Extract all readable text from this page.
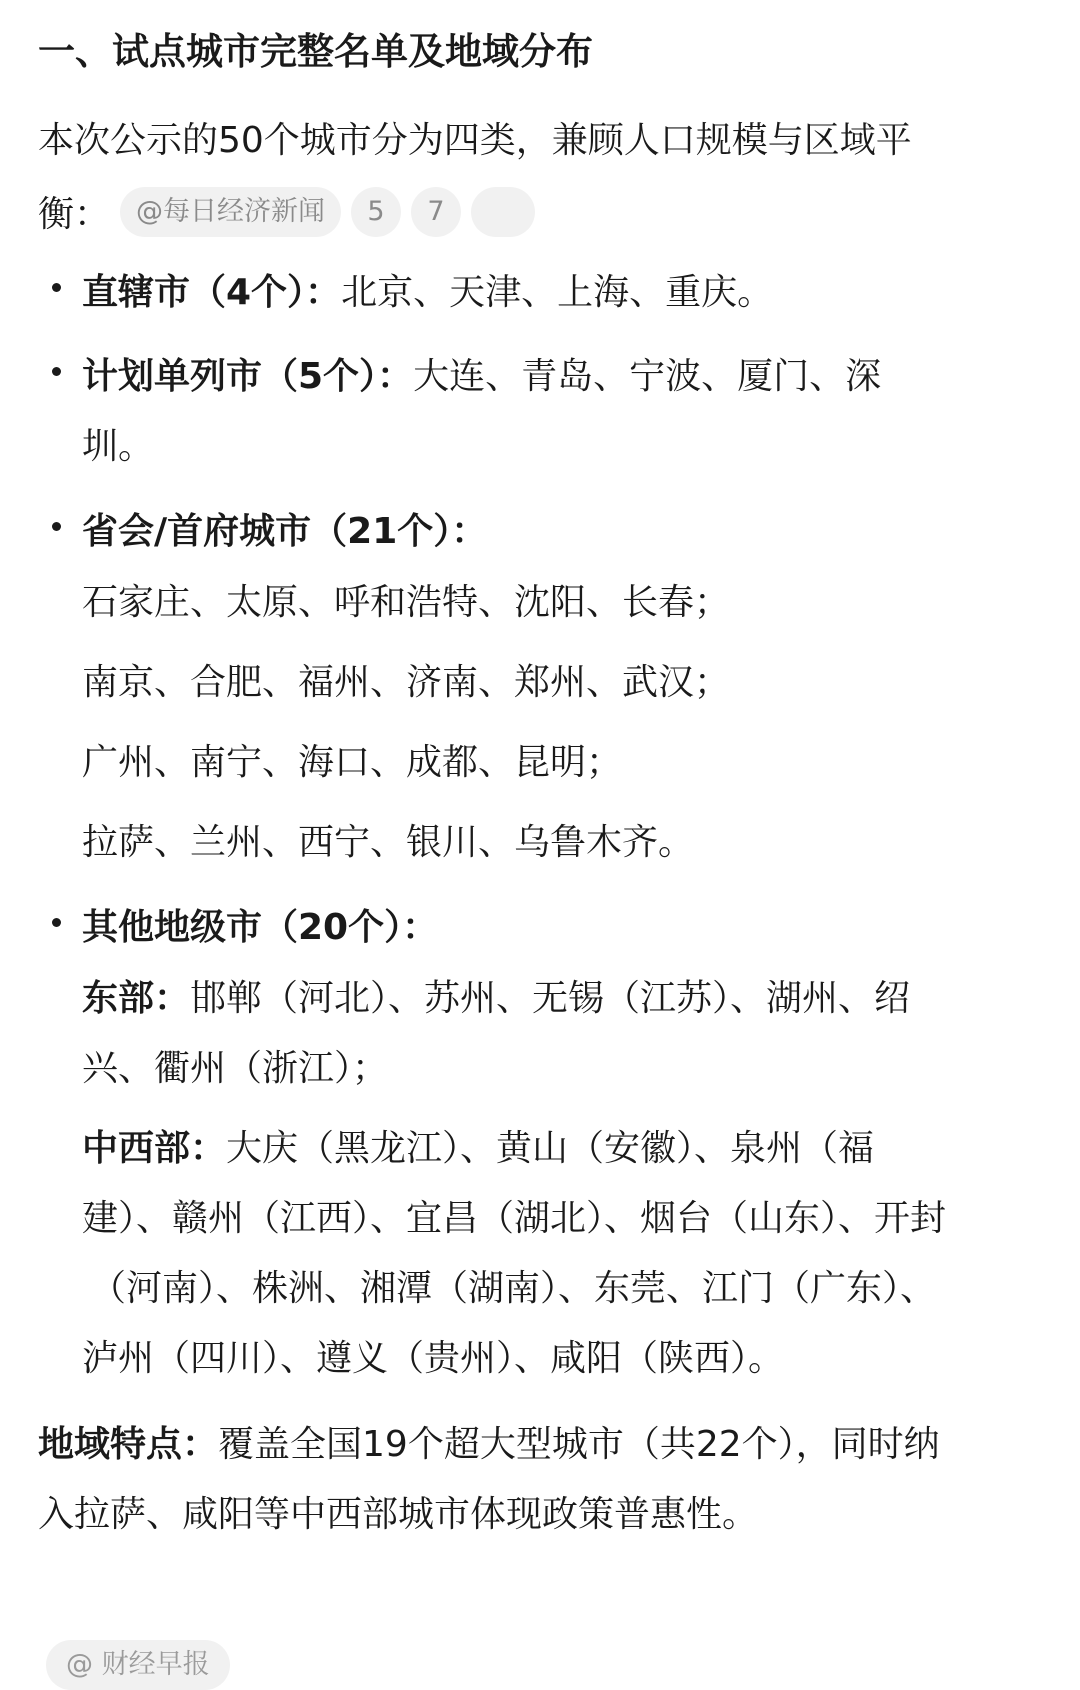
一、试点城市完整名单及地域分布
本次公示的50个城市分为四类，兼顾人口规模与区域平
衡： @每日经济新闻 5 7
直辖市（4个）：北京、天津、上海、重庆。
计划单列市（5个）：大连、青岛、宁波、厦门、深
圳。
省会/首府城市（21个）：
石家庄、太原、呼和浩特、沈阳、长春；
南京、合肥、福州、济南、郑州、武汉；
广州、南宁、海口、成都、昆明；
拉萨、兰州、西宁、银川、乌鲁木齐。
其他地级市（20个）：
东部：邯郸（河北）、苏州、无锡（江苏）、湖州、绍
兴、衢州（浙江）；
中西部：大庆（黑龙江）、黄山（安徽）、泉州（福
建）、赣州（江西）、宜昌（湖北）、烟台（山东）、开封
（河南）、株洲、湘潭（湖南）、东莞、江门（广东）、
泸州（四川）、遵义（贵州）、咸阳（陕西）。
地域特点：覆盖全国19个超大型城市（共22个），同时纳
入拉萨、咸阳等中西部城市体现政策普惠性。
@ 财经早报
